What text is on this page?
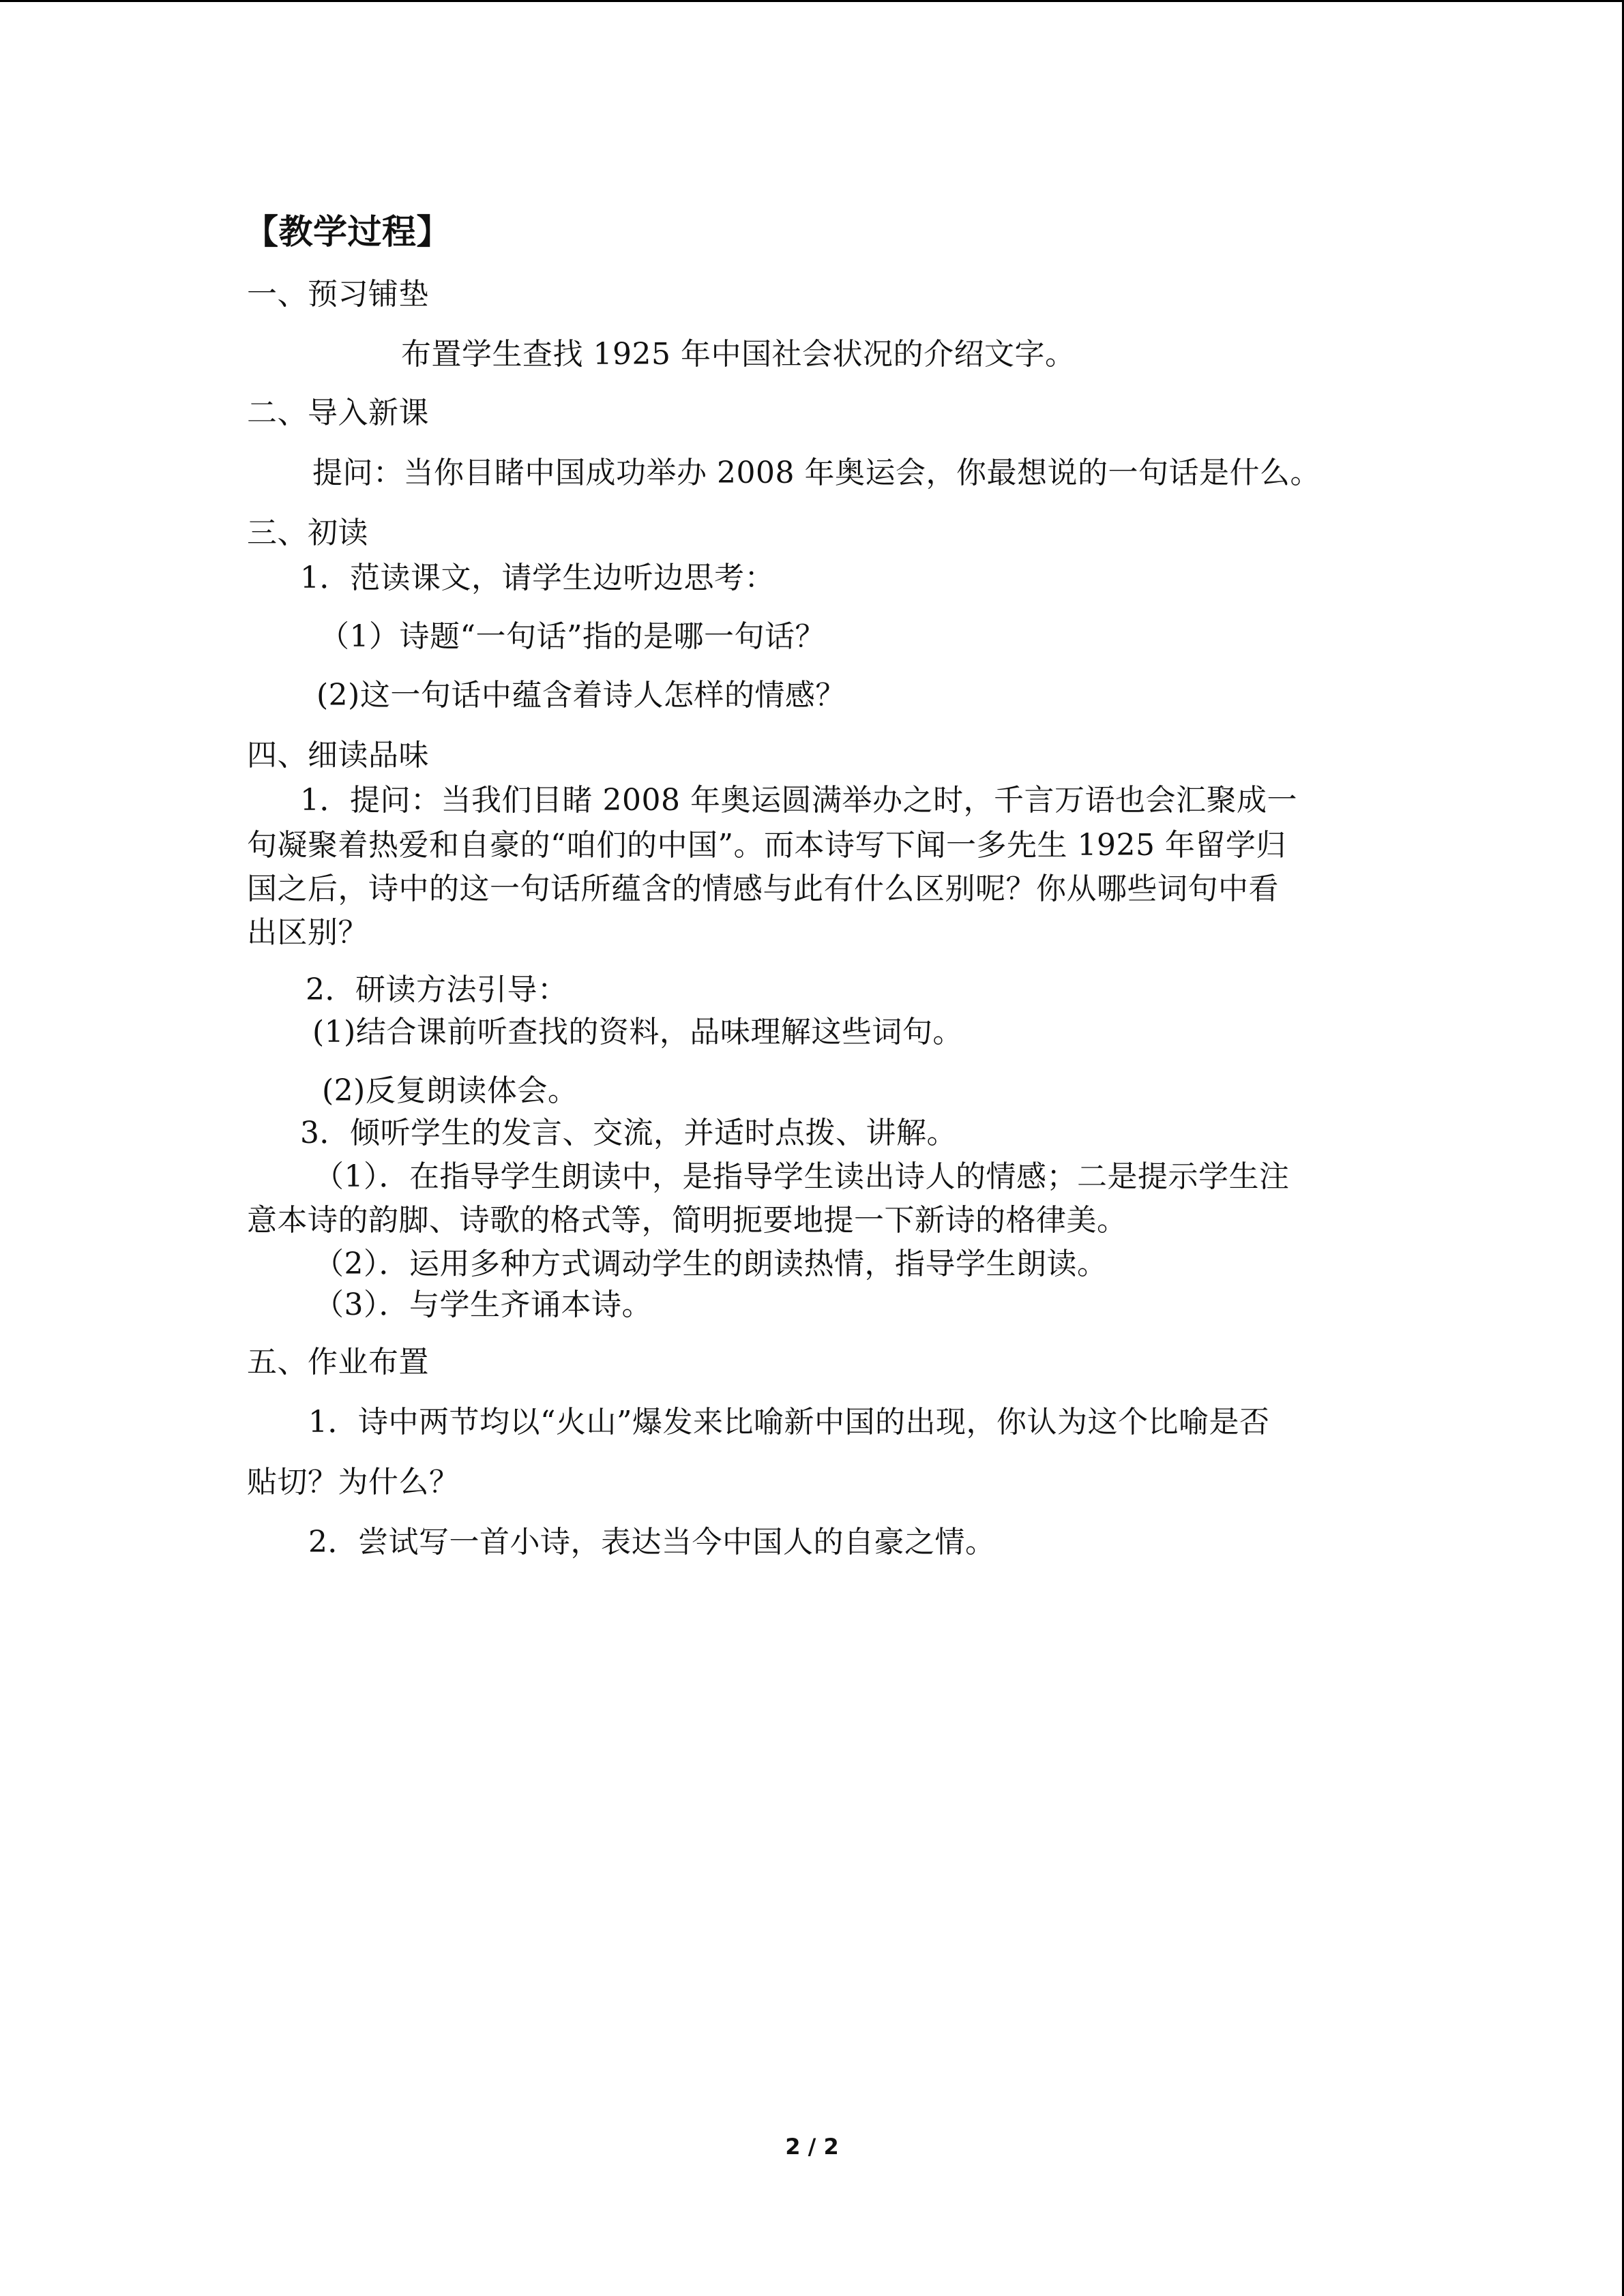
【教学过程】
一、预习铺垫
布置学生查找 1925 年中国社会状况的介绍文字。
二、导入新课
提问：当你目睹中国成功举办 2008 年奥运会，你最想说的一句话是什么。
三、初读
1．范读课文，请学生边听边思考：
（1）诗题“一句话”指的是哪一句话？
(2)这一句话中蕴含着诗人怎样的情感？
四、细读品味
1．提问：当我们目睹 2008 年奥运圆满举办之时，千言万语也会汇聚成一
句凝聚着热爱和自豪的“咱们的中国”。而本诗写下闻一多先生 1925 年留学归
国之后，诗中的这一句话所蕴含的情感与此有什么区别呢？你从哪些词句中看
出区别？
2．研读方法引导：
(1)结合课前听查找的资料，品味理解这些词句。
(2)反复朗读体会。
3．倾听学生的发言、交流，并适时点拨、讲解。
（1）．在指导学生朗读中，是指导学生读出诗人的情感；二是提示学生注
意本诗的韵脚、诗歌的格式等，简明扼要地提一下新诗的格律美。
（2）．运用多种方式调动学生的朗读热情，指导学生朗读。
（3）．与学生齐诵本诗。
五、作业布置
1．诗中两节均以“火山”爆发来比喻新中国的出现，你认为这个比喻是否
贴切？为什么？
2．尝试写一首小诗，表达当今中国人的自豪之情。
2 / 2
